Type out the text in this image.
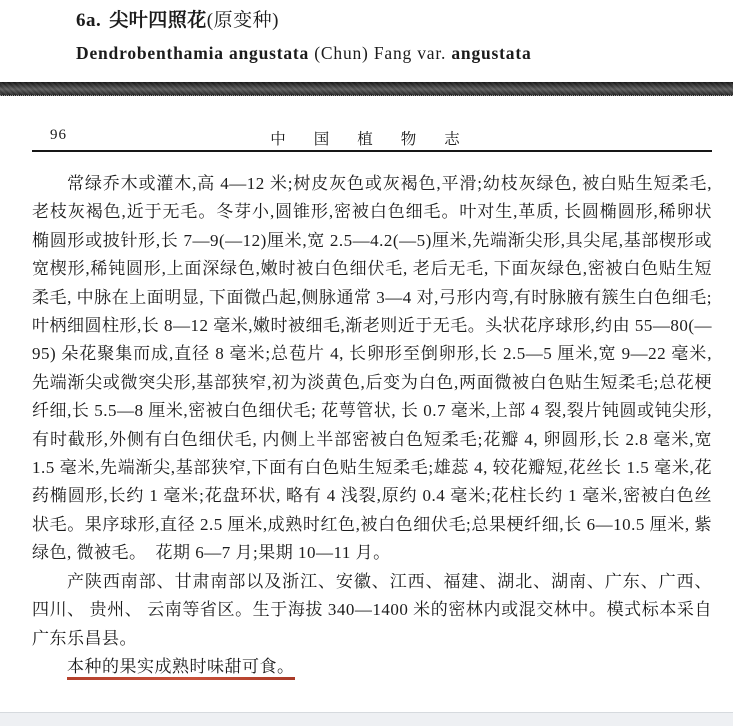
6a. 尖叶四照花(原变种)
Dendrobenthamia angustata (Chun) Fang var. angustata
96	中国植物志

常绿乔木或灌木,高 4—12 米;树皮灰色或灰褐色,平滑;幼枝灰绿色, 被白贴生短柔毛,老枝灰褐色,近于无毛。冬芽小,圆锥形,密被白色细毛。叶对生,革质, 长圆椭圆形,稀卵状椭圆形或披针形,长 7—9(—12)厘米,宽 2.5—4.2(—5)厘米,先端渐尖形,具尖尾,基部楔形或宽楔形,稀钝圆形,上面深绿色,嫩时被白色细伏毛, 老后无毛, 下面灰绿色,密被白色贴生短柔毛, 中脉在上面明显, 下面微凸起,侧脉通常 3—4 对,弓形内弯,有时脉腋有簇生白色细毛;叶柄细圆柱形,长 8—12 毫米,嫩时被细毛,渐老则近于无毛。头状花序球形,约由 55—80(—95) 朵花聚集而成,直径 8 毫米;总苞片 4, 长卵形至倒卵形,长 2.5—5 厘米,宽 9—22 毫米,先端渐尖或微突尖形,基部狭窄,初为淡黄色,后变为白色,两面微被白色贴生短柔毛;总花梗纤细,长 5.5—8 厘米,密被白色细伏毛; 花萼管状, 长 0.7 毫米,上部 4 裂,裂片钝圆或钝尖形,有时截形,外侧有白色细伏毛, 内侧上半部密被白色短柔毛;花瓣 4, 卵圆形,长 2.8 毫米,宽 1.5 毫米,先端渐尖,基部狭窄,下面有白色贴生短柔毛;雄蕊 4, 较花瓣短,花丝长 1.5 毫米,花药椭圆形,长约 1 毫米;花盘环状, 略有 4 浅裂,原约 0.4 毫米;花柱长约 1 毫米,密被白色丝状毛。果序球形,直径 2.5 厘米,成熟时红色,被白色细伏毛;总果梗纤细,长 6—10.5 厘米, 紫绿色, 微被毛。　花期 6—7 月;果期 10—11 月。

产陕西南部、甘肃南部以及浙江、安徽、江西、福建、湖北、湖南、广东、广西、 四川、 贵州、 云南等省区。生于海拔 340—1400 米的密林内或混交林中。模式标本采自广东乐昌县。

本种的果实成熟时味甜可食。
